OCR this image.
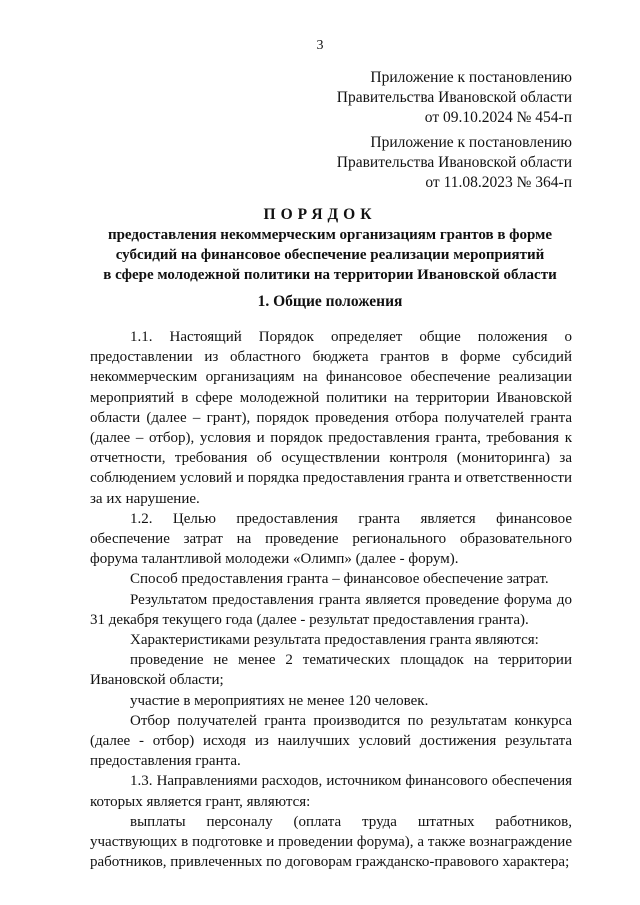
3
Приложение к постановлению
Правительства Ивановской области
от 09.10.2024 № 454-п
Приложение к постановлению
Правительства Ивановской области
от 11.08.2023 № 364-п
ПОРЯДОК
предоставления некоммерческим организациям грантов в форме
субсидий на финансовое обеспечение реализации мероприятий
в сфере молодежной политики на территории Ивановской области
1. Общие положения

1.1. Настоящий Порядок определяет общие положения о предоставлении из областного бюджета грантов в форме субсидий некоммерческим организациям на финансовое обеспечение реализации мероприятий в сфере молодежной политики на территории Ивановской области (далее – грант), порядок проведения отбора получателей гранта (далее – отбор), условия и порядок предоставления гранта, требования к отчетности, требования об осуществлении контроля (мониторинга) за соблюдением условий и порядка предоставления гранта и ответственности за их нарушение.

1.2. Целью предоставления гранта является финансовое обеспечение затрат на проведение регионального образовательного форума талантливой молодежи «Олимп» (далее - форум).

Способ предоставления гранта – финансовое обеспечение затрат.

Результатом предоставления гранта является проведение форума до 31 декабря текущего года (далее - результат предоставления гранта).

Характеристиками результата предоставления гранта являются:

проведение не менее 2 тематических площадок на территории Ивановской области;

участие в мероприятиях не менее 120 человек.

Отбор получателей гранта производится по результатам конкурса (далее - отбор) исходя из наилучших условий достижения результата предоставления гранта.

1.3. Направлениями расходов, источником финансового обеспечения которых является грант, являются:

выплаты персоналу (оплата труда штатных работников, участвующих в подготовке и проведении форума), а также вознаграждение работников, привлеченных по договорам гражданско-правового характера;
